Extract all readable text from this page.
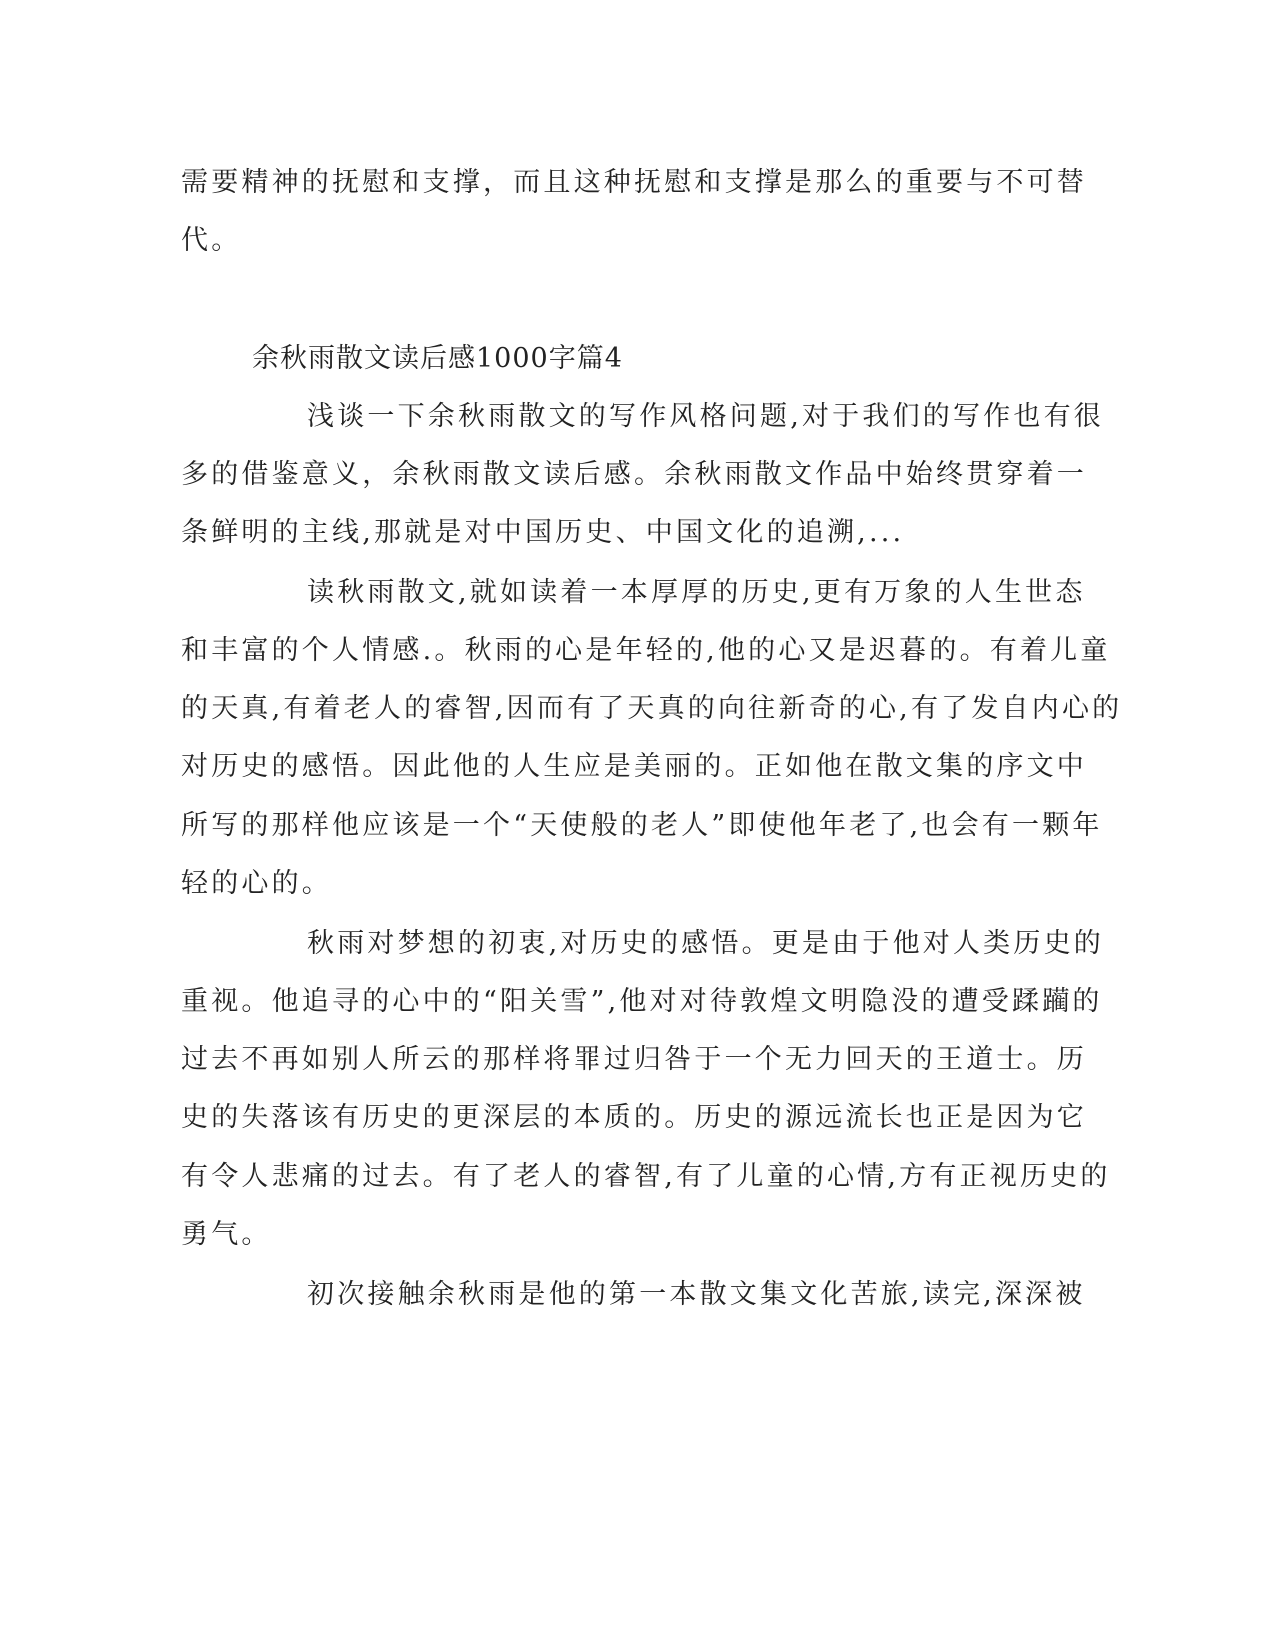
需要精神的抚慰和支撑，而且这种抚慰和支撑是那么的重要与不可替
代。
余秋雨散文读后感1000字篇4
浅谈一下余秋雨散文的写作风格问题,对于我们的写作也有很
多的借鉴意义，余秋雨散文读后感。余秋雨散文作品中始终贯穿着一
条鲜明的主线,那就是对中国历史、中国文化的追溯,...
读秋雨散文,就如读着一本厚厚的历史,更有万象的人生世态
和丰富的个人情感.。秋雨的心是年轻的,他的心又是迟暮的。有着儿童
的天真,有着老人的睿智,因而有了天真的向往新奇的心,有了发自内心的
对历史的感悟。因此他的人生应是美丽的。正如他在散文集的序文中
所写的那样他应该是一个“天使般的老人”即使他年老了,也会有一颗年
轻的心的。
秋雨对梦想的初衷,对历史的感悟。更是由于他对人类历史的
重视。他追寻的心中的“阳关雪”,他对对待敦煌文明隐没的遭受蹂躏的
过去不再如别人所云的那样将罪过归咎于一个无力回天的王道士。历
史的失落该有历史的更深层的本质的。历史的源远流长也正是因为它
有令人悲痛的过去。有了老人的睿智,有了儿童的心情,方有正视历史的
勇气。
初次接触余秋雨是他的第一本散文集文化苦旅,读完,深深被
